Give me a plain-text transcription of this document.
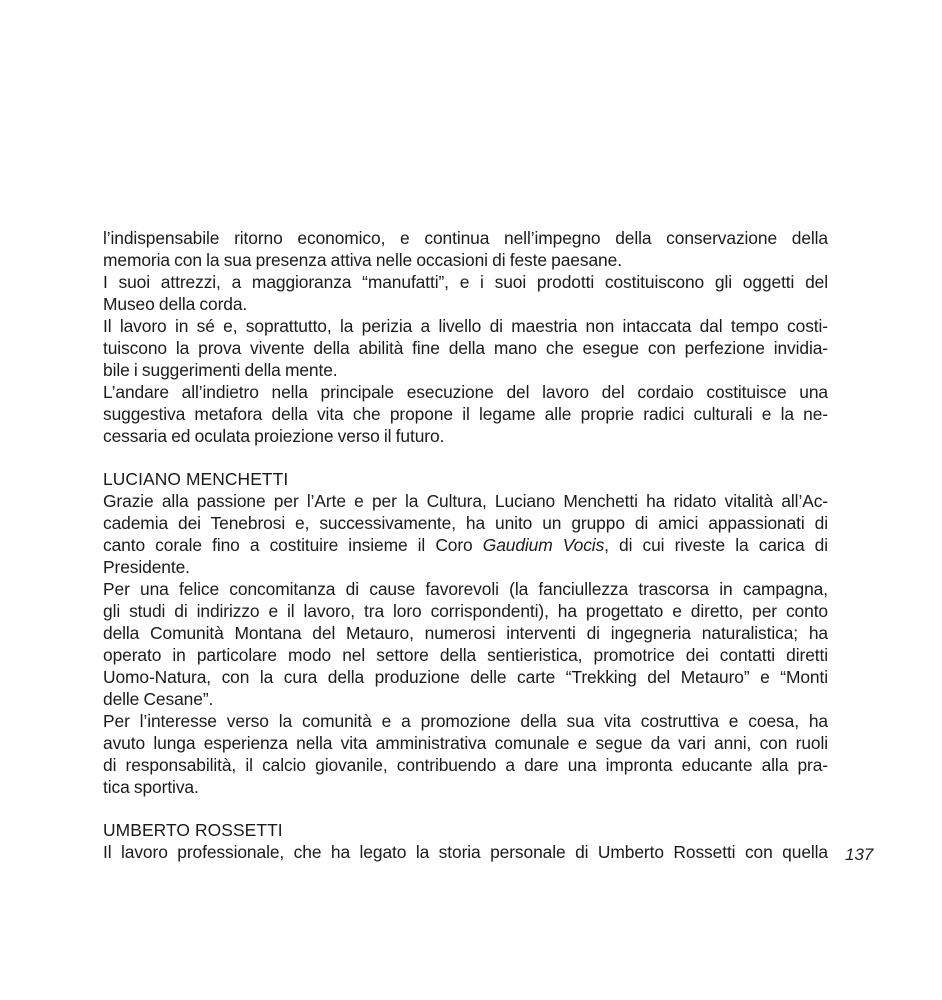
l’indispensabile ritorno economico, e continua nell’impegno della conservazione della
memoria con la sua presenza attiva nelle occasioni di feste paesane.
I suoi attrezzi, a maggioranza “manufatti”, e i suoi prodotti costituiscono gli oggetti del
Museo della corda.
Il lavoro in sé e, soprattutto, la perizia a livello di maestria non intaccata dal tempo costi-
tuiscono la prova vivente della abilità fine della mano che esegue con perfezione invidia-
bile i suggerimenti della mente.
L’andare all’indietro nella principale esecuzione del lavoro del cordaio costituisce una
suggestiva metafora della vita che propone il legame alle proprie radici culturali e la ne-
cessaria ed oculata proiezione verso il futuro.
LUCIANO MENCHETTI
Grazie alla passione per l’Arte e per la Cultura, Luciano Menchetti ha ridato vitalità all’Ac-
cademia dei Tenebrosi e, successivamente, ha unito un gruppo di amici appassionati di
canto corale fino a costituire insieme il Coro Gaudium Vocis, di cui riveste la carica di
Presidente.
Per una felice concomitanza di cause favorevoli (la fanciullezza trascorsa in campagna,
gli studi di indirizzo e il lavoro, tra loro corrispondenti), ha progettato e diretto, per conto
della Comunità Montana del Metauro, numerosi interventi di ingegneria naturalistica; ha
operato in particolare modo nel settore della sentieristica, promotrice dei contatti diretti
Uomo-Natura, con la cura della produzione delle carte “Trekking del Metauro” e “Monti
delle Cesane”.
Per l’interesse verso la comunità e a promozione della sua vita costruttiva e coesa, ha
avuto lunga esperienza nella vita amministrativa comunale e segue da vari anni, con ruoli
di responsabilità, il calcio giovanile, contribuendo a dare una impronta educante alla pra-
tica sportiva.
UMBERTO ROSSETTI
Il lavoro professionale, che ha legato la storia personale di Umberto Rossetti con quella 137
